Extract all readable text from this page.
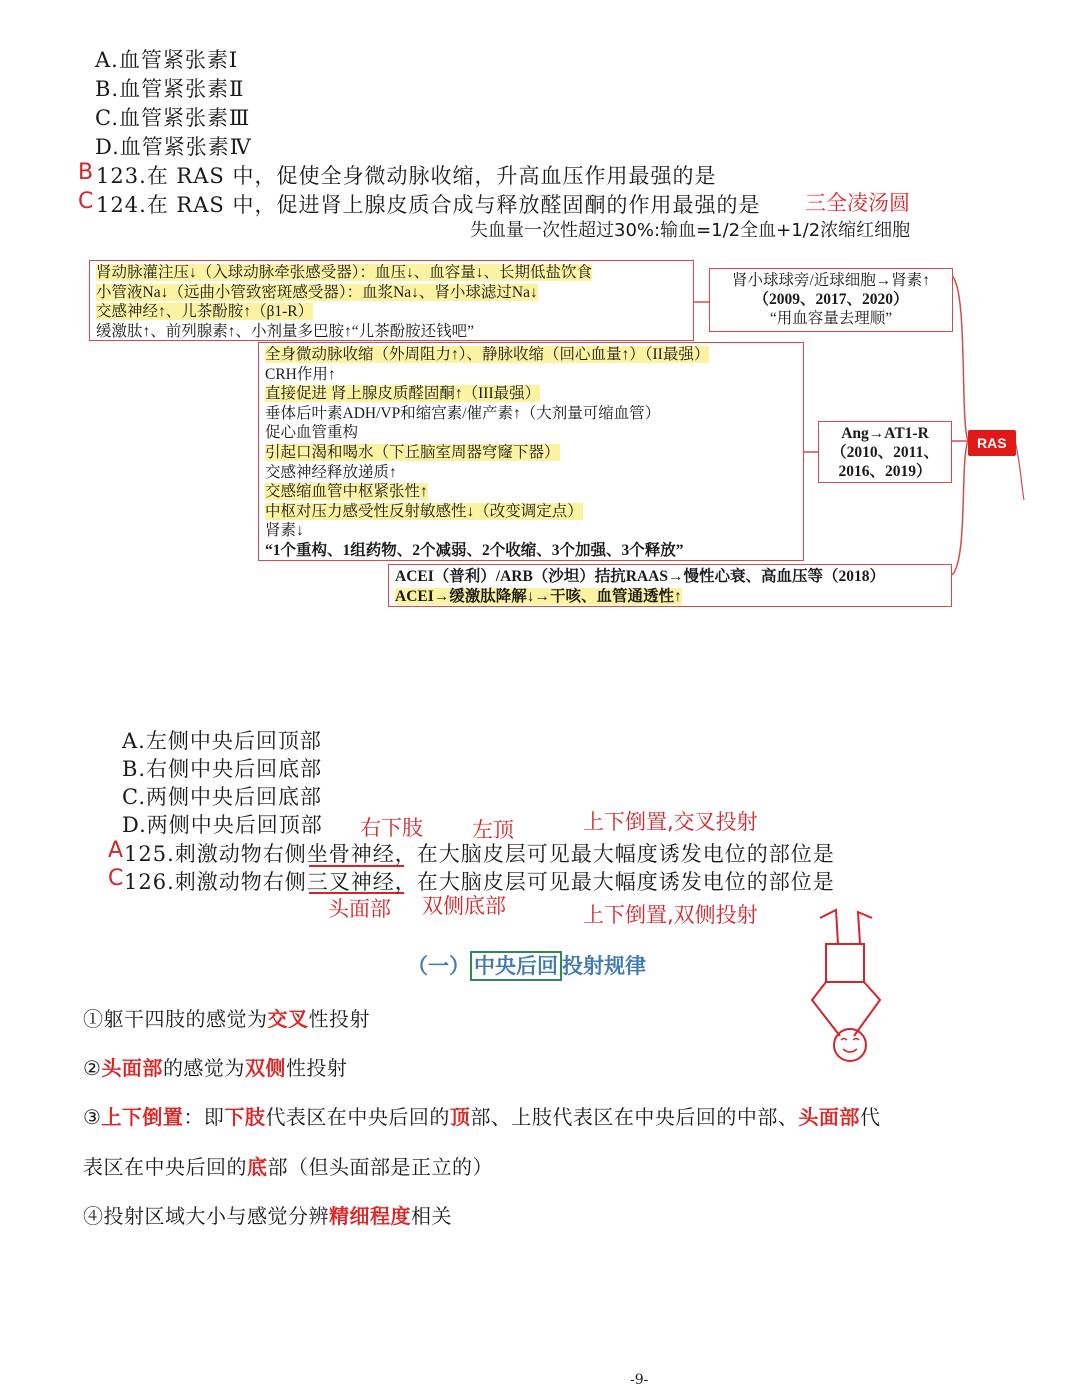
A.血管紧张素Ⅰ
B.血管紧张素Ⅱ
C.血管紧张素Ⅲ
D.血管紧张素Ⅳ
B 123.在 RAS 中，促使全身微动脉收缩，升高血压作用最强的是
C 124.在 RAS 中，促进肾上腺皮质合成与释放醛固酮的作用最强的是 三全凌汤圆
失血量一次性超过30%:输血=1/2全血+1/2浓缩红细胞
肾动脉灌注压↓（入球动脉牵张感受器）：血压↓、血容量↓、长期低盐饮食
小管液Na↓（远曲小管致密斑感受器）：血浆Na↓、肾小球滤过Na↓
交感神经↑、儿茶酚胺↑（β1-R）
缓激肽↑、前列腺素↑、小剂量多巴胺↑“儿茶酚胺还钱吧”
肾小球球旁/近球细胞→肾素↑
（2009、2017、2020）
“用血容量去理顺”
全身微动脉收缩（外周阻力↑）、静脉收缩（回心血量↑）（II最强）
CRH作用↑
直接促进 肾上腺皮质醛固酮↑（III最强）
垂体后叶素ADH/VP和缩宫素/催产素↑（大剂量可缩血管）
促心血管重构
引起口渴和喝水（下丘脑室周器穹窿下器）
交感神经释放递质↑
交感缩血管中枢紧张性↑
中枢对压力感受性反射敏感性↓（改变调定点）
肾素↓
“1个重构、1组药物、2个减弱、2个收缩、3个加强、3个释放”
Ang→AT1-R
（2010、2011、
2016、2019）
RAS
ACEI（普利）/ARB（沙坦）拮抗RAAS→慢性心衰、高血压等（2018）
ACEI→缓激肽降解↓→干咳、血管通透性↑
A.左侧中央后回顶部
B.右侧中央后回底部
C.两侧中央后回底部
D.两侧中央后回顶部 右下肢 左顶	上下倒置,交叉投射
A 125.刺激动物右侧坐骨神经，在大脑皮层可见最大幅度诱发电位的部位是
C 126.刺激动物右侧三叉神经，在大脑皮层可见最大幅度诱发电位的部位是
头面部 双侧底部	上下倒置,双侧投射
（一） 中央后回 投射规律
①躯干四肢的感觉为交叉性投射
②头面部的感觉为双侧性投射
③上下倒置：即下肢代表区在中央后回的顶部、上肢代表区在中央后回的中部、头面部代
表区在中央后回的底部（但头面部是正立的）
④投射区域大小与感觉分辨精细程度相关
-9-
